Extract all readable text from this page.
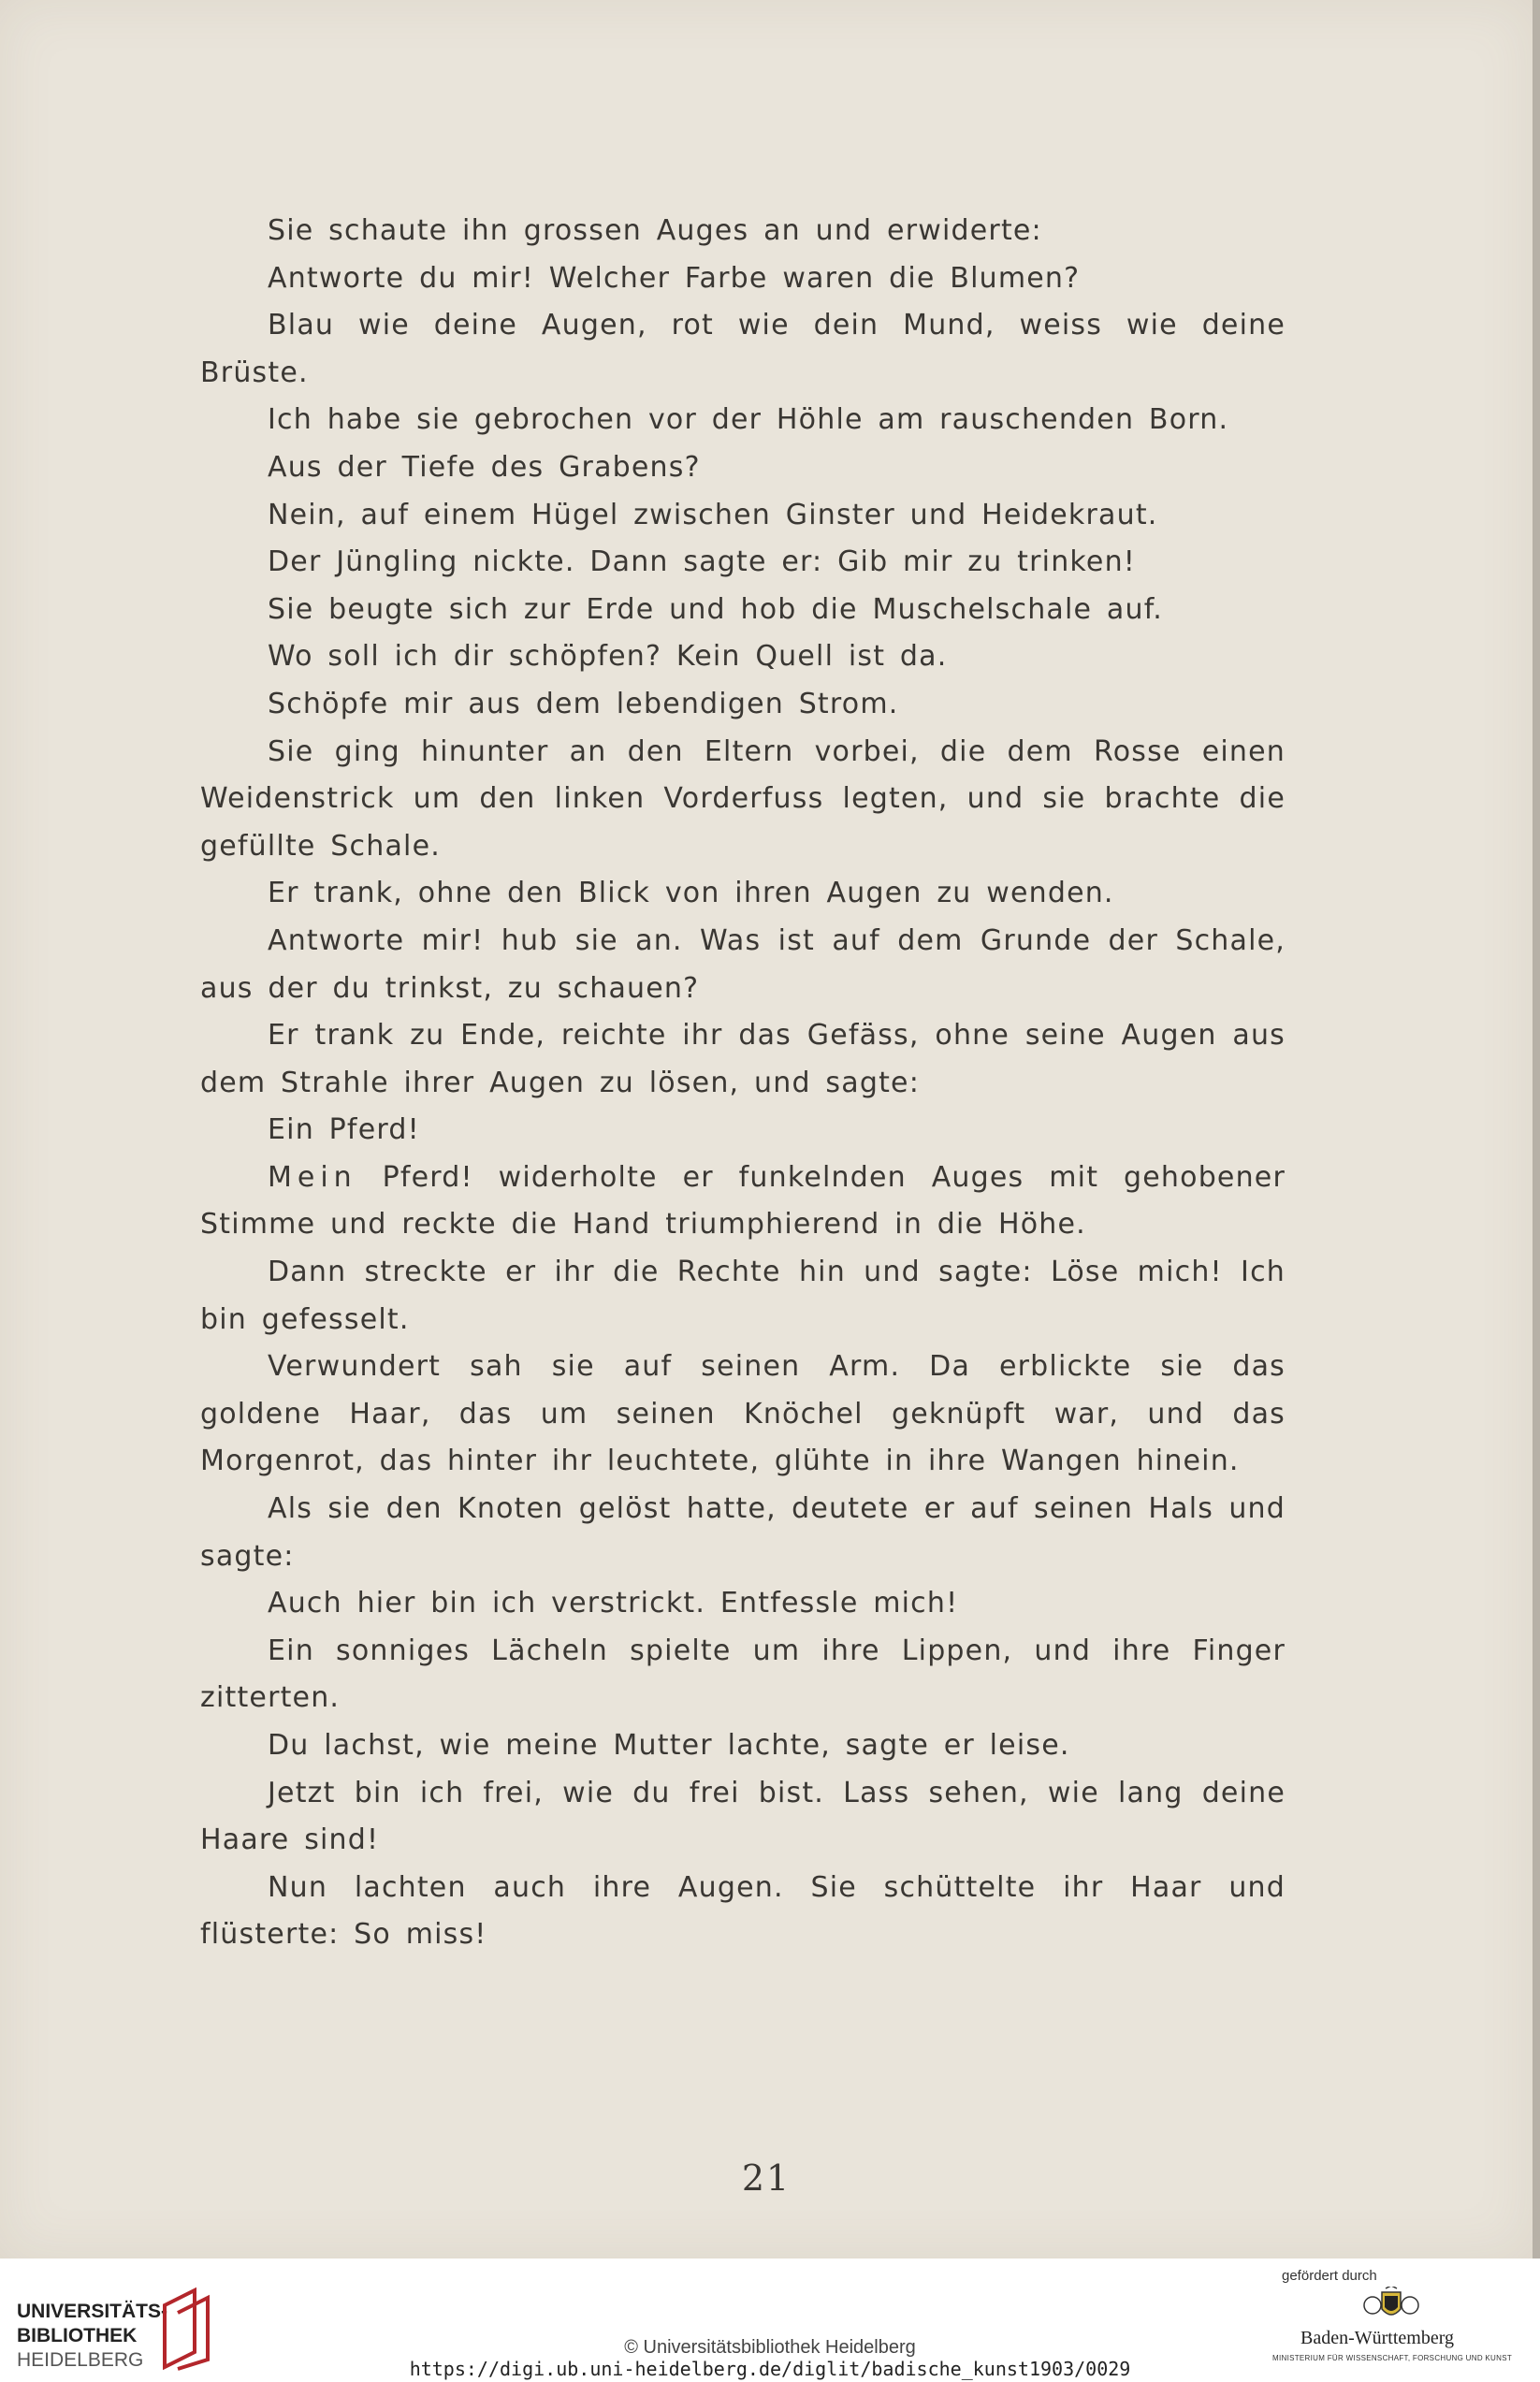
Sie schaute ihn grossen Auges an und erwiderte:

Antworte du mir! Welcher Farbe waren die Blumen?

Blau wie deine Augen, rot wie dein Mund, weiss wie deine Brüste.

Ich habe sie gebrochen vor der Höhle am rauschenden Born.

Aus der Tiefe des Grabens?

Nein, auf einem Hügel zwischen Ginster und Heidekraut.

Der Jüngling nickte. Dann sagte er: Gib mir zu trinken!

Sie beugte sich zur Erde und hob die Muschelschale auf.

Wo soll ich dir schöpfen? Kein Quell ist da.

Schöpfe mir aus dem lebendigen Strom.

Sie ging hinunter an den Eltern vorbei, die dem Rosse einen Weidenstrick um den linken Vorderfuss legten, und sie brachte die gefüllte Schale.

Er trank, ohne den Blick von ihren Augen zu wenden.

Antworte mir! hub sie an. Was ist auf dem Grunde der Schale, aus der du trinkst, zu schauen?

Er trank zu Ende, reichte ihr das Gefäss, ohne seine Augen aus dem Strahle ihrer Augen zu lösen, und sagte:

Ein Pferd!

Mein Pferd! widerholte er funkelnden Auges mit gehobener Stimme und reckte die Hand triumphierend in die Höhe.

Dann streckte er ihr die Rechte hin und sagte: Löse mich! Ich bin gefesselt.

Verwundert sah sie auf seinen Arm. Da erblickte sie das goldene Haar, das um seinen Knöchel geknüpft war, und das Morgenrot, das hinter ihr leuchtete, glühte in ihre Wangen hinein.

Als sie den Knoten gelöst hatte, deutete er auf seinen Hals und sagte:

Auch hier bin ich verstrickt. Entfessle mich!

Ein sonniges Lächeln spielte um ihre Lippen, und ihre Finger zitterten.

Du lachst, wie meine Mutter lachte, sagte er leise.

Jetzt bin ich frei, wie du frei bist. Lass sehen, wie lang deine Haare sind!

Nun lachten auch ihre Augen. Sie schüttelte ihr Haar und flüsterte: So miss!

21
UNIVERSITÄTS-
BIBLIOTHEK
HEIDELBERG
© Universitätsbibliothek Heidelberg
https://digi.ub.uni-heidelberg.de/diglit/badische_kunst1903/0029
gefördert durch
Baden-Württemberg
MINISTERIUM FÜR WISSENSCHAFT, FORSCHUNG UND KUNST
